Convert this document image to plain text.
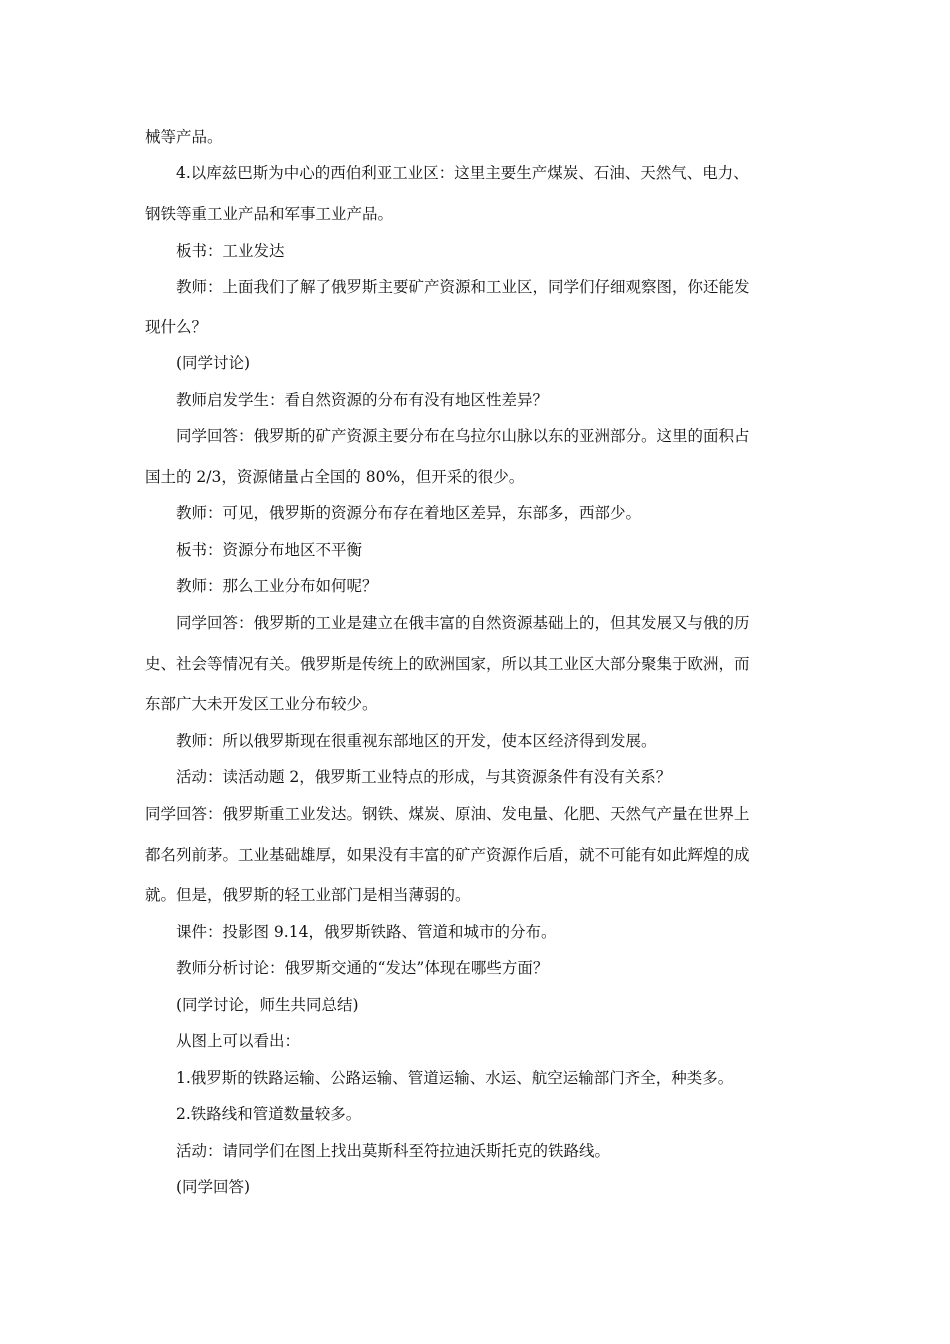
械等产品。
4.以库兹巴斯为中心的西伯利亚工业区：这里主要生产煤炭、石油、天然气、电力、
钢铁等重工业产品和军事工业产品。
板书：工业发达
教师：上面我们了解了俄罗斯主要矿产资源和工业区，同学们仔细观察图，你还能发
现什么？
(同学讨论)
教师启发学生：看自然资源的分布有没有地区性差异？
同学回答：俄罗斯的矿产资源主要分布在乌拉尔山脉以东的亚洲部分。这里的面积占
国土的 2/3，资源储量占全国的 80%，但开采的很少。
教师：可见，俄罗斯的资源分布存在着地区差异，东部多，西部少。
板书：资源分布地区不平衡
教师：那么工业分布如何呢？
同学回答：俄罗斯的工业是建立在俄丰富的自然资源基础上的，但其发展又与俄的历
史、社会等情况有关。俄罗斯是传统上的欧洲国家，所以其工业区大部分聚集于欧洲，而
东部广大未开发区工业分布较少。
教师：所以俄罗斯现在很重视东部地区的开发，使本区经济得到发展。
活动：读活动题 2，俄罗斯工业特点的形成，与其资源条件有没有关系？
同学回答：俄罗斯重工业发达。钢铁、煤炭、原油、发电量、化肥、天然气产量在世界上
都名列前茅。工业基础雄厚，如果没有丰富的矿产资源作后盾，就不可能有如此辉煌的成
就。但是，俄罗斯的轻工业部门是相当薄弱的。
课件：投影图 9.14，俄罗斯铁路、管道和城市的分布。
教师分析讨论：俄罗斯交通的“发达”体现在哪些方面？
(同学讨论，师生共同总结)
从图上可以看出：
1.俄罗斯的铁路运输、公路运输、管道运输、水运、航空运输部门齐全，种类多。
2.铁路线和管道数量较多。
活动：请同学们在图上找出莫斯科至符拉迪沃斯托克的铁路线。
(同学回答)
